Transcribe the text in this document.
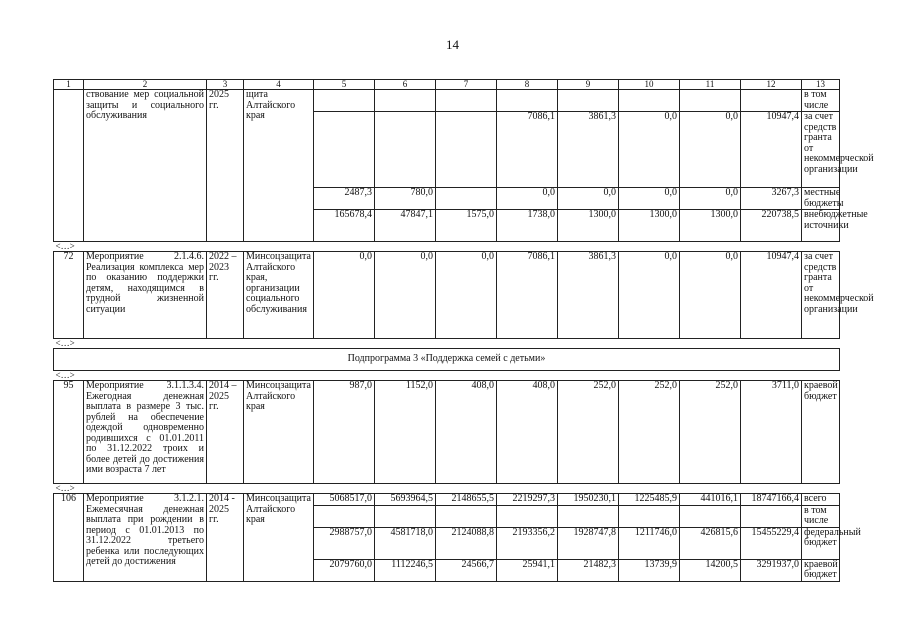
14
1	2	3	4	5	6	7	8	9	10	11	12	13
	ствование мер социальной защиты и социального обслуживания	2025 гг.	щита Алтайского края									в том числе
							7086,1	3861,3	0,0	0,0	10947,4	за счет средств гранта от некоммерческой организации
				2487,3	780,0		0,0	0,0	0,0	0,0	3267,3	местные бюджеты
				165678,4	47847,1	1575,0	1738,0	1300,0	1300,0	1300,0	220738,5	внебюджетные источники
<…>												
72	Мероприятие 2.1.4.6. Реализация комплекса мер по оказанию поддержки детям, находящимся в трудной жизненной ситуации	2022 – 2023 гг.	Минсоцзащита Алтайского края, организации социального обслуживания	0,0	0,0	0,0	7086,1	3861,3	0,0	0,0	10947,4	за счет средств гранта от некоммерческой организации
<…>												
Подпрограмма 3 «Поддержка семей с детьми»												
<…>												
95	Мероприятие 3.1.1.3.4. Ежегодная денежная выплата в размере 3 тыс. рублей на обеспечение одеждой одновременно родившихся с 01.01.2011 по 31.12.2022 троих и более детей до достижения ими возраста 7 лет	2014 – 2025 гг.	Минсоцзащита Алтайского края	987,0	1152,0	408,0	408,0	252,0	252,0	252,0	3711,0	краевой бюджет
<…>												
106	Мероприятие 3.1.2.1. Ежемесячная денежная выплата при рождении в период с 01.01.2013 по 31.12.2022 третьего ребенка или последующих детей до достижения	2014 - 2025 гг.	Минсоцзащита Алтайского края	5068517,0	5693964,5	2148655,5	2219297,3	1950230,1	1225485,9	441016,1	18747166,4	всего
												в том числе
				2988757,0	4581718,0	2124088,8	2193356,2	1928747,8	1211746,0	426815,6	15455229,4	федеральный бюджет
				2079760,0	1112246,5	24566,7	25941,1	21482,3	13739,9	14200,5	3291937,0	краевой бюджет
